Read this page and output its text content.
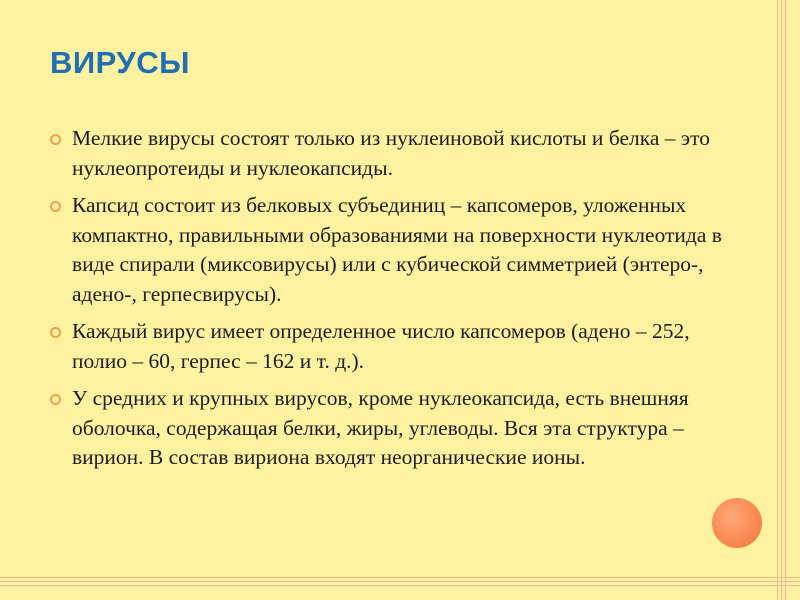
ВИРУСЫ
Мелкие вирусы состоят только из нуклеиновой кислоты и белка – это нуклеопротеиды и нуклеокапсиды.
Капсид состоит из белковых субъединиц – капсомеров, уложенных компактно, правильными образованиями на поверхности нуклеотида в виде спирали (миксовирусы) или с кубической симметрией (энтеро-, адено-, герпесвирусы).
Каждый вирус имеет определенное число капсомеров (адено – 252, полио – 60, герпес – 162 и т. д.).
У средних и крупных вирусов, кроме нуклеокапсида, есть внешняя оболочка, содержащая белки, жиры, углеводы. Вся эта структура – вирион. В состав вириона входят неорганические ионы.
